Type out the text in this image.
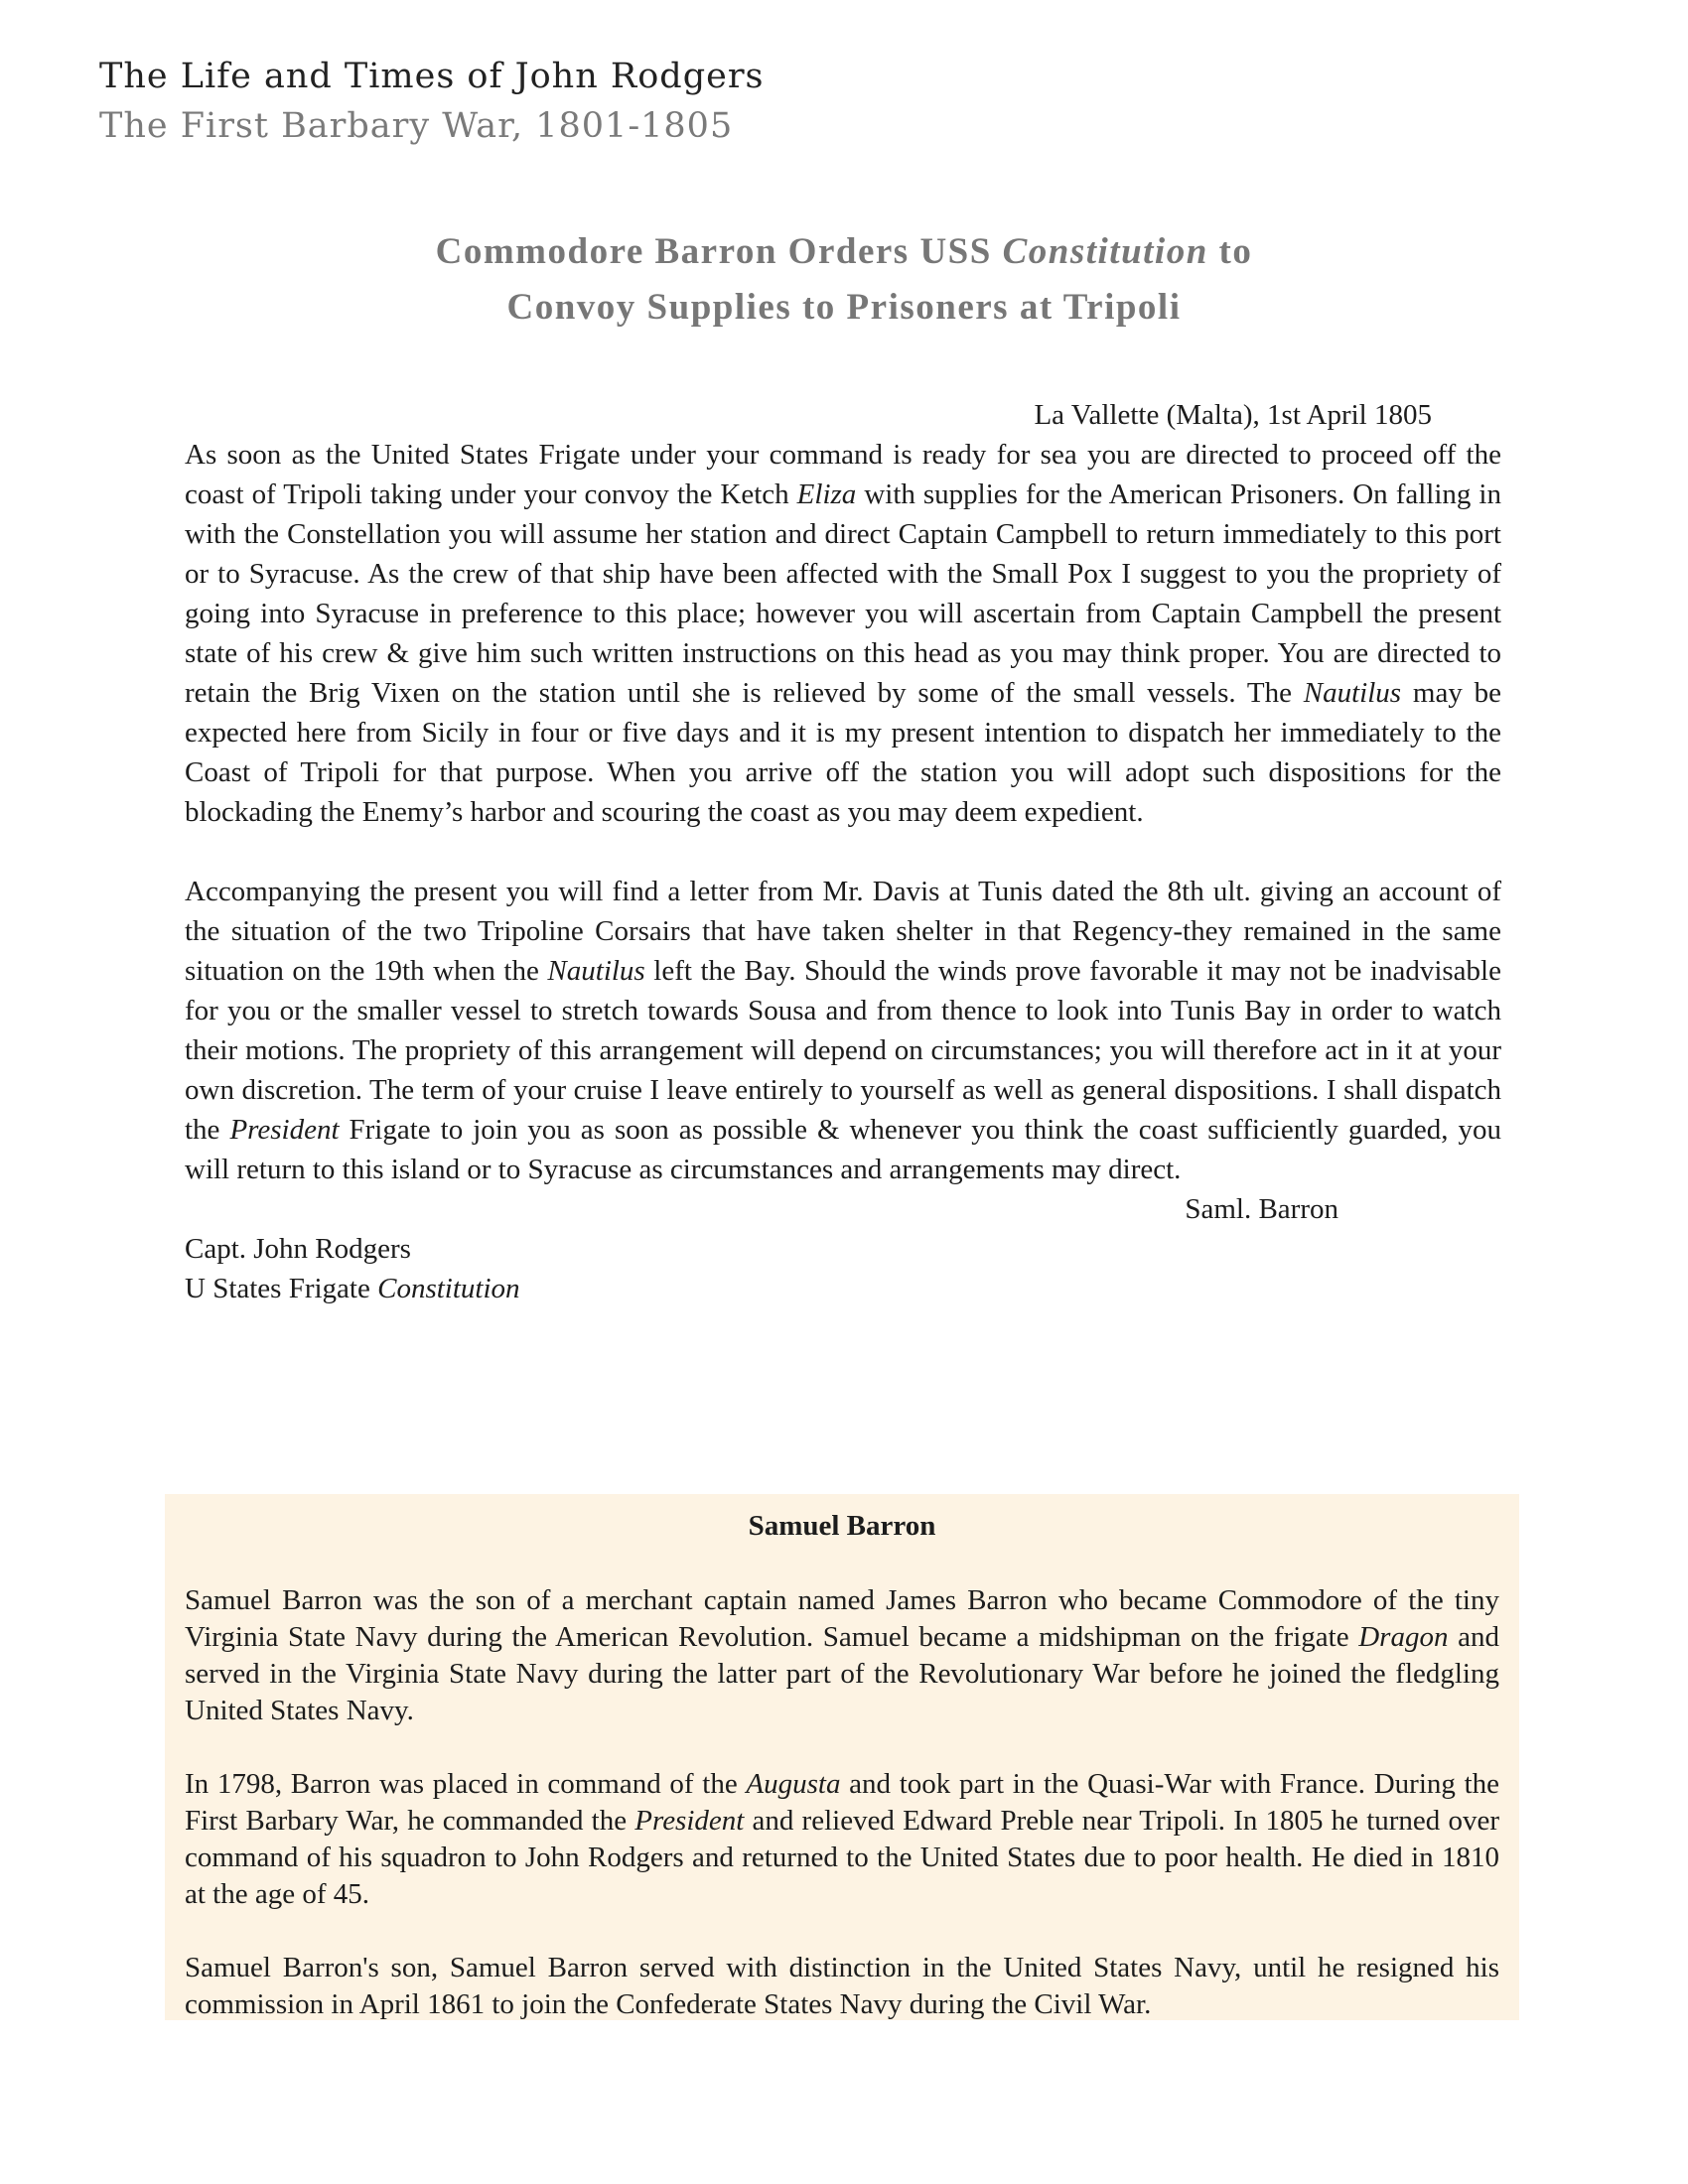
The Life and Times of John Rodgers
The First Barbary War, 1801-1805
Commodore Barron Orders USS Constitution to
Convoy Supplies to Prisoners at Tripoli
La Vallette (Malta), 1st April 1805

As soon as the United States Frigate under your command is ready for sea you are directed to proceed off the coast of Tripoli taking under your convoy the Ketch Eliza with supplies for the American Prisoners. On falling in with the Constellation you will assume her station and direct Captain Campbell to return immediately to this port or to Syracuse. As the crew of that ship have been affected with the Small Pox I suggest to you the propriety of going into Syracuse in preference to this place; however you will ascertain from Captain Campbell the present state of his crew & give him such written instructions on this head as you may think proper. You are directed to retain the Brig Vixen on the station until she is relieved by some of the small vessels. The Nautilus may be expected here from Sicily in four or five days and it is my present intention to dispatch her immediately to the Coast of Tripoli for that purpose. When you arrive off the station you will adopt such dispositions for the blockading the Enemy’s harbor and scouring the coast as you may deem expedient.

Accompanying the present you will find a letter from Mr. Davis at Tunis dated the 8th ult. giving an account of the situation of the two Tripoline Corsairs that have taken shelter in that Regency-they remained in the same situation on the 19th when the Nautilus left the Bay. Should the winds prove favorable it may not be inadvisable for you or the smaller vessel to stretch towards Sousa and from thence to look into Tunis Bay in order to watch their motions. The propriety of this arrangement will depend on circumstances; you will therefore act in it at your own discretion. The term of your cruise I leave entirely to yourself as well as general dispositions. I shall dispatch the President Frigate to join you as soon as possible & whenever you think the coast sufficiently guarded, you will return to this island or to Syracuse as circumstances and arrangements may direct.

Saml. Barron
Capt. John Rodgers
U States Frigate Constitution
Samuel Barron

Samuel Barron was the son of a merchant captain named James Barron who became Commodore of the tiny Virginia State Navy during the American Revolution. Samuel became a midshipman on the frigate Dragon and served in the Virginia State Navy during the latter part of the Revolutionary War before he joined the fledgling United States Navy.

In 1798, Barron was placed in command of the Augusta and took part in the Quasi-War with France. During the First Barbary War, he commanded the President and relieved Edward Preble near Tripoli. In 1805 he turned over command of his squadron to John Rodgers and returned to the United States due to poor health. He died in 1810 at the age of 45.

Samuel Barron's son, Samuel Barron served with distinction in the United States Navy, until he resigned his commission in April 1861 to join the Confederate States Navy during the Civil War.
